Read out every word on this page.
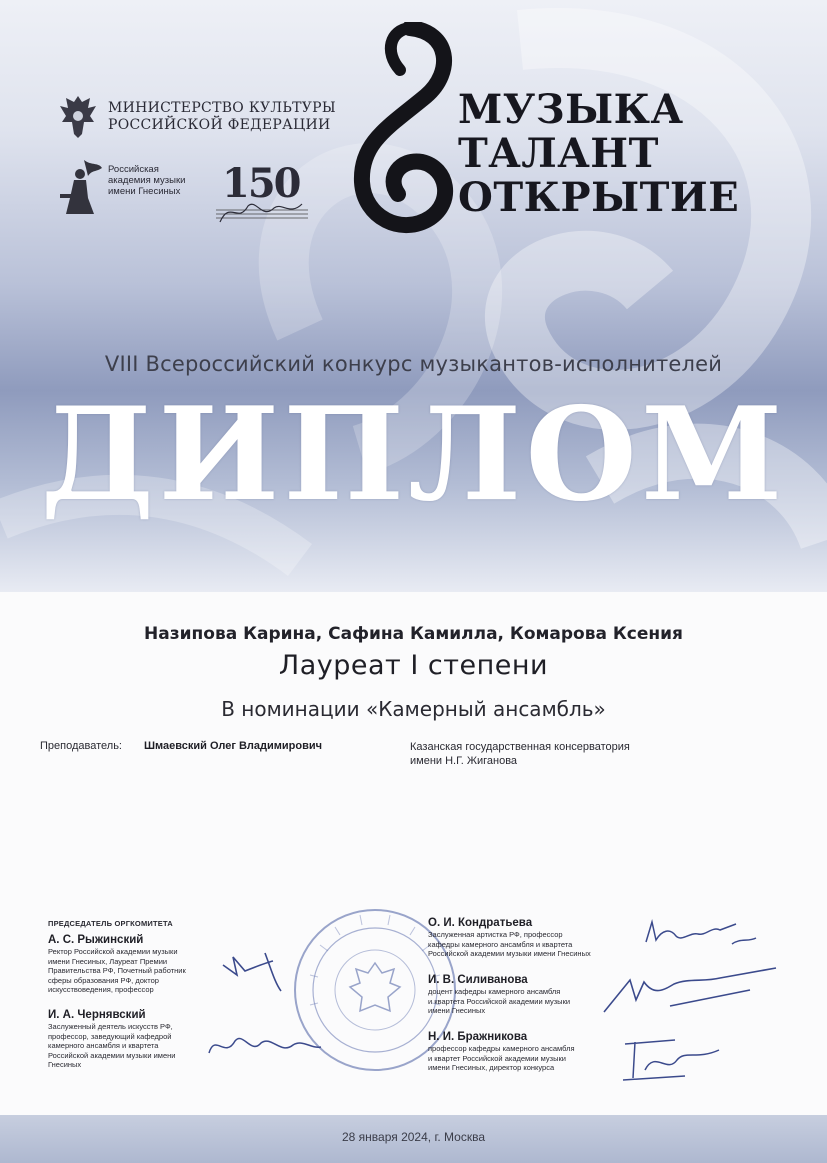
МИНИСТЕРСТВО КУЛЬТУРЫ
РОССИЙСКОЙ ФЕДЕРАЦИИ
Российская
академия музыки
имени Гнесиных 150
МУЗЫКА
ТАЛАНТ
ОТКРЫТИЕ
VIII Всероссийский конкурс музыкантов-исполнителей
ДИПЛОМ
Назипова Карина, Сафина Камилла, Комарова Ксения
Лауреат I степени
В номинации «Камерный ансамбль»
Преподаватель: Шмаевский Олег Владимирович	Казанская государственная консерватория
имени Н.Г. Жиганова
ПРЕДСЕДАТЕЛЬ ОРГКОМИТЕТА
А. С. Рыжинский
Ректор Российской академии музыки
имени Гнесиных, Лауреат Премии
Правительства РФ, Почетный работник
сферы образования РФ, доктор
искусствоведения, профессор
И. А. Чернявский
Заслуженный деятель искусств РФ,
профессор, заведующий кафедрой
камерного ансамбля и квартета
Российской академии музыки имени
Гнесиных
О. И. Кондратьева
Заслуженная артистка РФ, профессор
кафедры камерного ансамбля и квартета
Российской академии музыки имени Гнесиных
И. В. Силиванова
доцент кафедры камерного ансамбля
и квартета Российской академии музыки
имени Гнесиных
Н. И. Бражникова
профессор кафедры камерного ансамбля
и квартет Российской академии музыки
имени Гнесиных, директор конкурса
28 января 2024, г. Москва
